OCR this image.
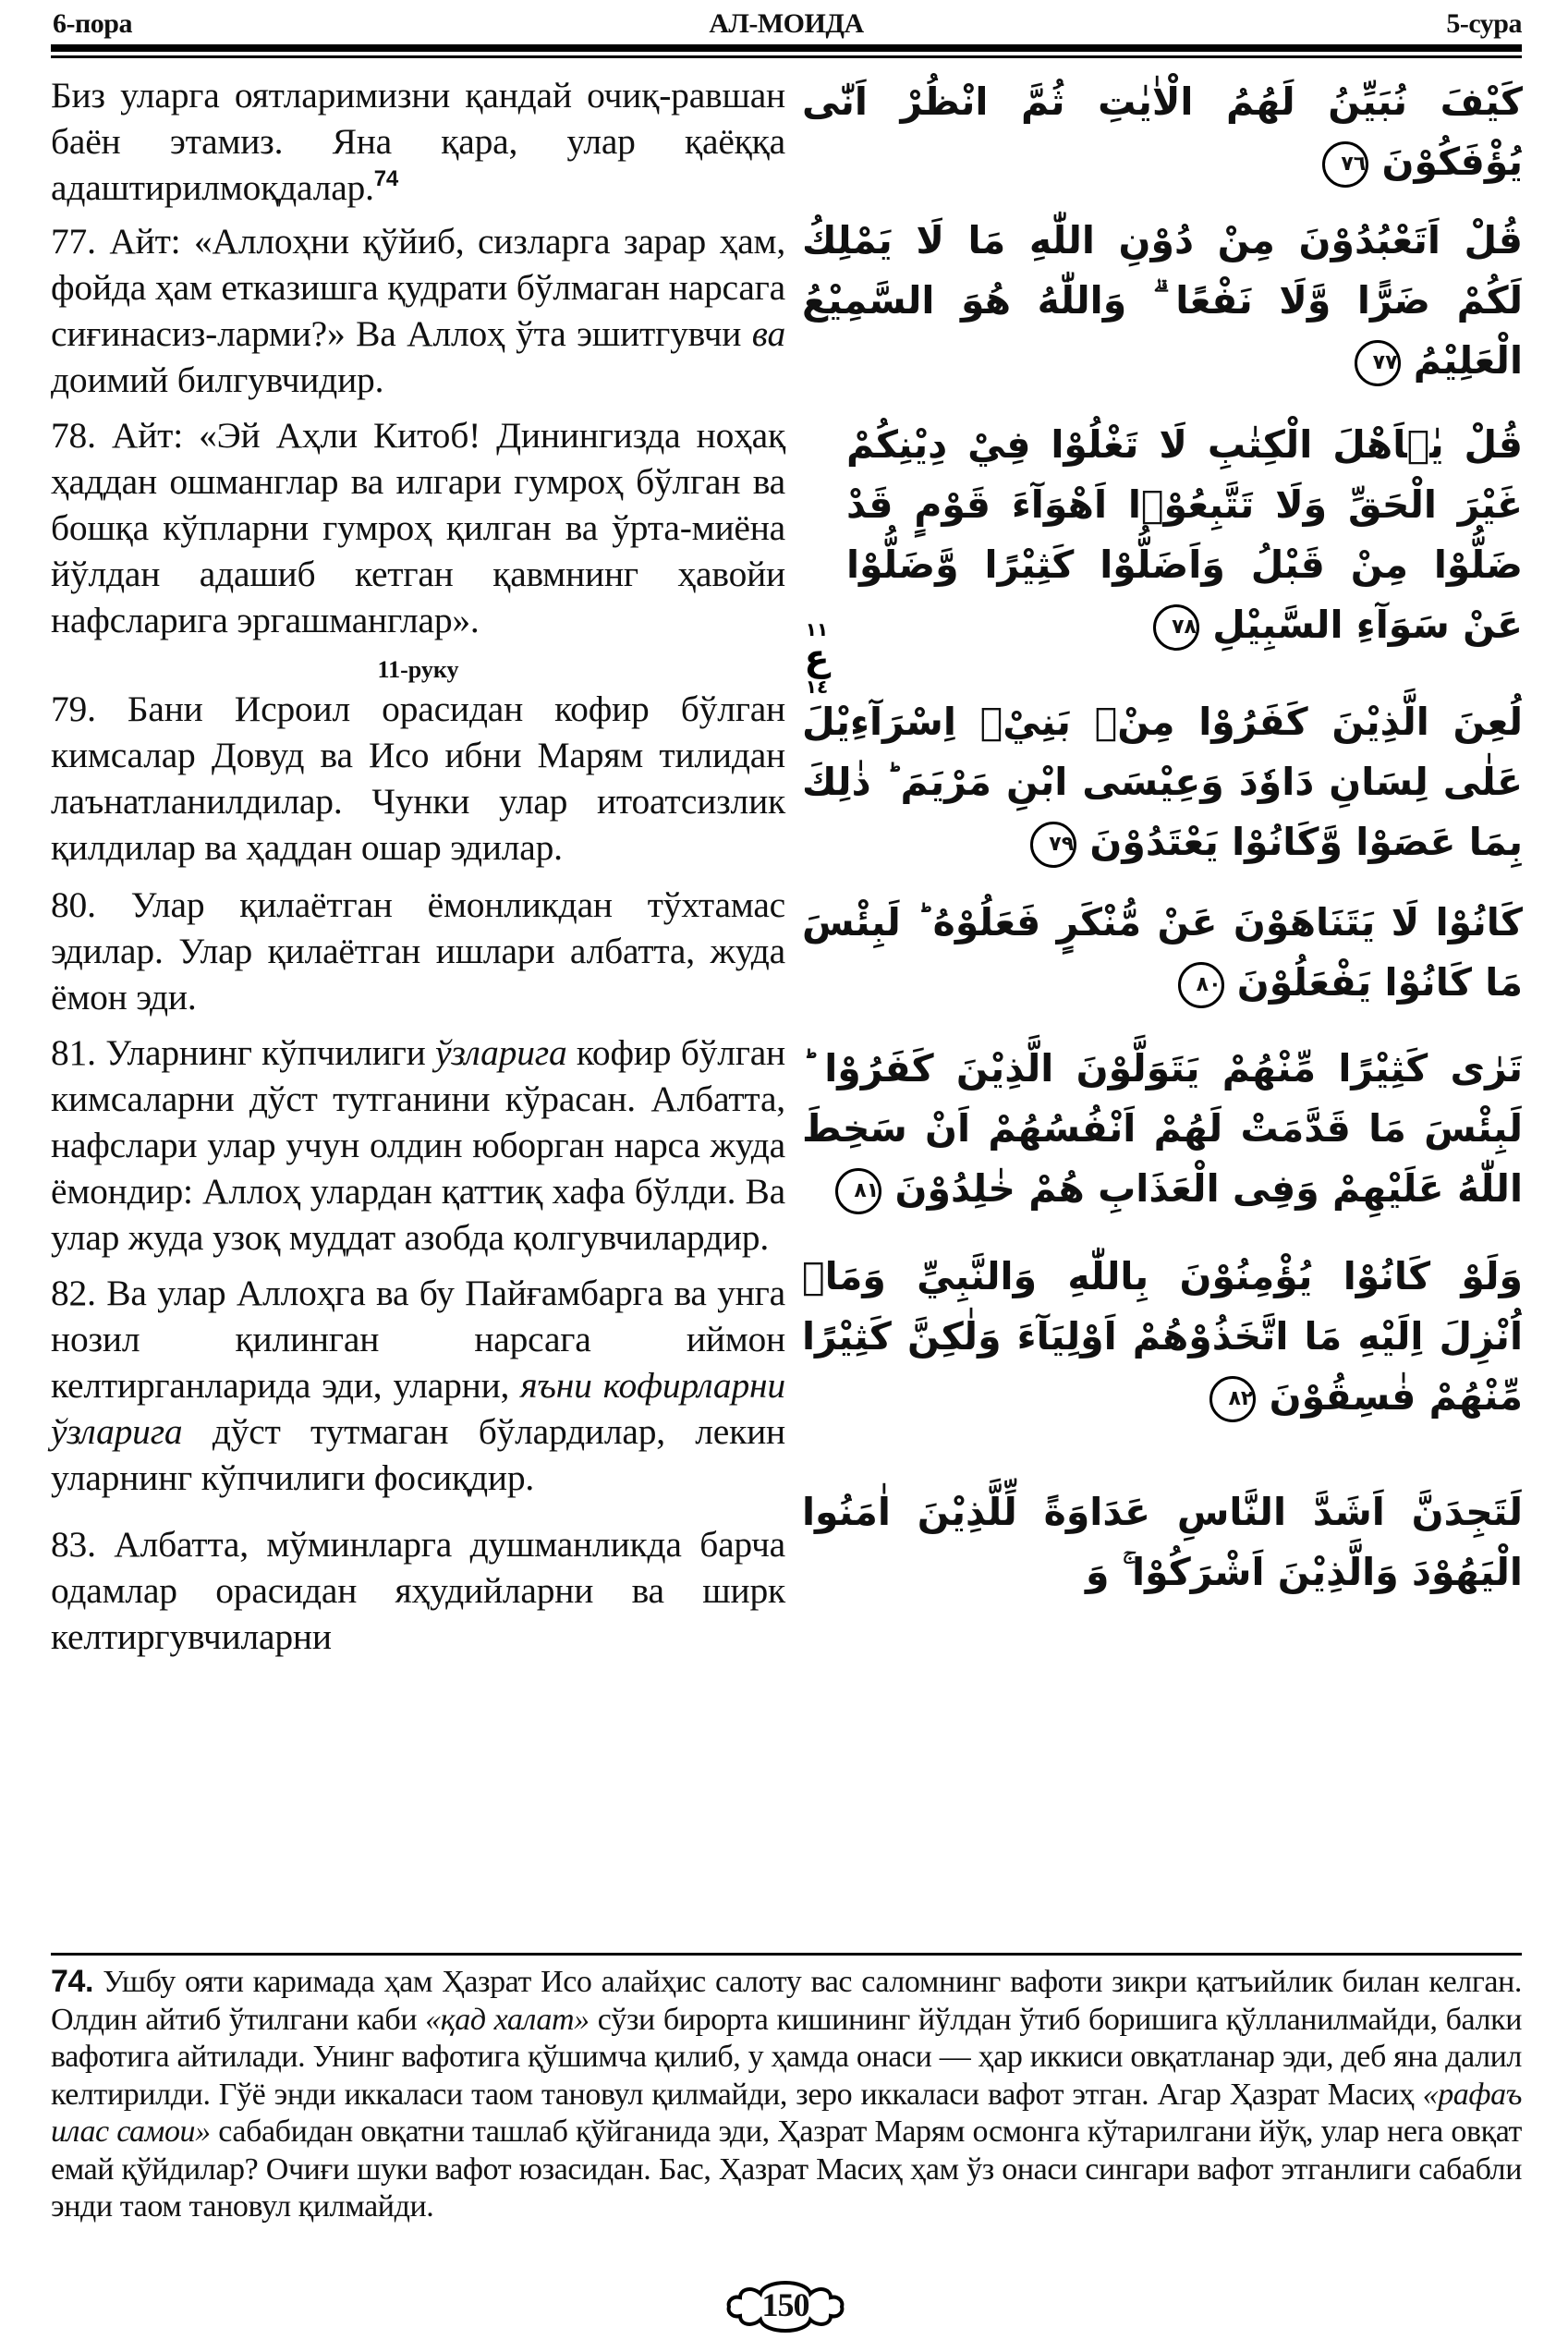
6-пора	АЛ-МОИДА	5-сура

Биз уларга оятларимизни қандай очиқ-равшан баён этамиз. Яна қара, улар қаёққа адаштирилмоқдалар.$^{74}$

77. Айт: «Аллоҳни қўйиб, сизларга зарар ҳам, фойда ҳам етказишга қудрати бўлмаган нарсага сиғинасиз-ларми?» Ва Аллоҳ ўта эшитгувчи ва доимий билгувчидир.

78. Айт: «Эй Аҳли Китоб! Динингизда ноҳақ ҳаддан ошманглар ва илгари гумроҳ бўлган ва бошқа кўпларни гумроҳ қилган ва ўрта-миёна йўлдан адашиб кетган қавмнинг ҳавойи нафсларига эргашманглар».

11-руку

79. Бани Исроил орасидан кофир бўлган кимсалар Довуд ва Исо ибни Марям тилидан лаънатланилдилар. Чунки улар итоатсизлик қилдилар ва ҳаддан ошар эдилар.

80. Улар қилаётган ёмонликдан тўхтамас эдилар. Улар қилаётган ишлари албатта, жуда ёмон эди.

81. Уларнинг кўпчилиги ўзларига кофир бўлган кимсаларни дўст тутганини кўрасан. Албатта, нафслари улар учун олдин юборган нарса жуда ёмондир: Аллоҳ улардан қаттиқ хафа бўлди. Ва улар жуда узоқ муддат азобда қолгувчилардир.

82. Ва улар Аллоҳга ва бу Пайғамбарга ва унга нозил қилинган нарсага иймон келтирганларида эди, уларни, яъни кофирларни ўзларига дўст тутмаган бўлардилар, лекин уларнинг кўпчилиги фосиқдир.

83. Албатта, мўминларга душманликда барча одамлар орасидан яҳудийларни ва ширк келтиргувчиларни

كَيْفَ نُبَيِّنُ لَهُمُ الْاٰيٰتِ ثُمَّ انْظُرْ اَنّٰى يُؤْفَكُوْنَ ٧٦

قُلْ اَتَعْبُدُوْنَ مِنْ دُوْنِ اللّٰهِ مَا لَا يَمْلِكُ لَكُمْ ضَرًّا وَّلَا نَفْعًا ۗ وَاللّٰهُ هُوَ السَّمِيْعُ الْعَلِيْمُ ٧٧

قُلْ يٰۤاَهْلَ الْكِتٰبِ لَا تَغْلُوْا فِيْ دِيْنِكُمْ غَيْرَ الْحَقِّ وَلَا تَتَّبِعُوْۤا اَهْوَآءَ قَوْمٍ قَدْ ضَلُّوْا مِنْ قَبْلُ وَاَضَلُّوْا كَثِيْرًا وَّضَلُّوْا عَنْ سَوَآءِ السَّبِيْلِ ٧٨

لُعِنَ الَّذِيْنَ كَفَرُوْا مِنْۢ بَنِيْۤ اِسْرَآءِيْلَ عَلٰى لِسَانِ دَاوٗدَ وَعِيْسَى ابْنِ مَرْيَمَ ؕ ذٰلِكَ بِمَا عَصَوْا وَّكَانُوْا يَعْتَدُوْنَ ٧٩

كَانُوْا لَا يَتَنَاهَوْنَ عَنْ مُّنْكَرٍ فَعَلُوْهُ ؕ لَبِئْسَ مَا كَانُوْا يَفْعَلُوْنَ ٨٠

تَرٰى كَثِيْرًا مِّنْهُمْ يَتَوَلَّوْنَ الَّذِيْنَ كَفَرُوْا ؕ لَبِئْسَ مَا قَدَّمَتْ لَهُمْ اَنْفُسُهُمْ اَنْ سَخِطَ اللّٰهُ عَلَيْهِمْ وَفِى الْعَذَابِ هُمْ خٰلِدُوْنَ ٨١

وَلَوْ كَانُوْا يُؤْمِنُوْنَ بِاللّٰهِ وَالنَّبِيِّ وَمَاۤ اُنْزِلَ اِلَيْهِ مَا اتَّخَذُوْهُمْ اَوْلِيَآءَ وَلٰكِنَّ كَثِيْرًا مِّنْهُمْ فٰسِقُوْنَ ٨٢

لَتَجِدَنَّ اَشَدَّ النَّاسِ عَدَاوَةً لِّلَّذِيْنَ اٰمَنُوا الْيَهُوْدَ وَالَّذِيْنَ اَشْرَكُوْا ۚ وَ

١١
ع
١٤

74. Ушбу ояти каримада ҳам Ҳазрат Исо алайҳис салоту вас саломнинг вафоти зикри қатъийлик билан келган. Олдин айтиб ўтилгани каби «қад халат» сўзи бирорта кишининг йўлдан ўтиб боришига қўлланилмайди, балки вафотига айтилади. Унинг вафотига қўшимча қилиб, у ҳамда онаси — ҳар иккиси овқатланар эди, деб яна далил келтирилди. Гўё энди иккаласи таом тановул қилмайди, зеро иккаласи вафот этган. Агар Ҳазрат Масиҳ «рафаъ илас самои» сабабидан овқатни ташлаб қўйганида эди, Ҳазрат Марям осмонга кўтарилгани йўқ, улар нега овқат емай қўйдилар? Очиғи шуки вафот юзасидан. Бас, Ҳазрат Масиҳ ҳам ўз онаси сингари вафот этганлиги сабабли энди таом тановул қилмайди.

150
